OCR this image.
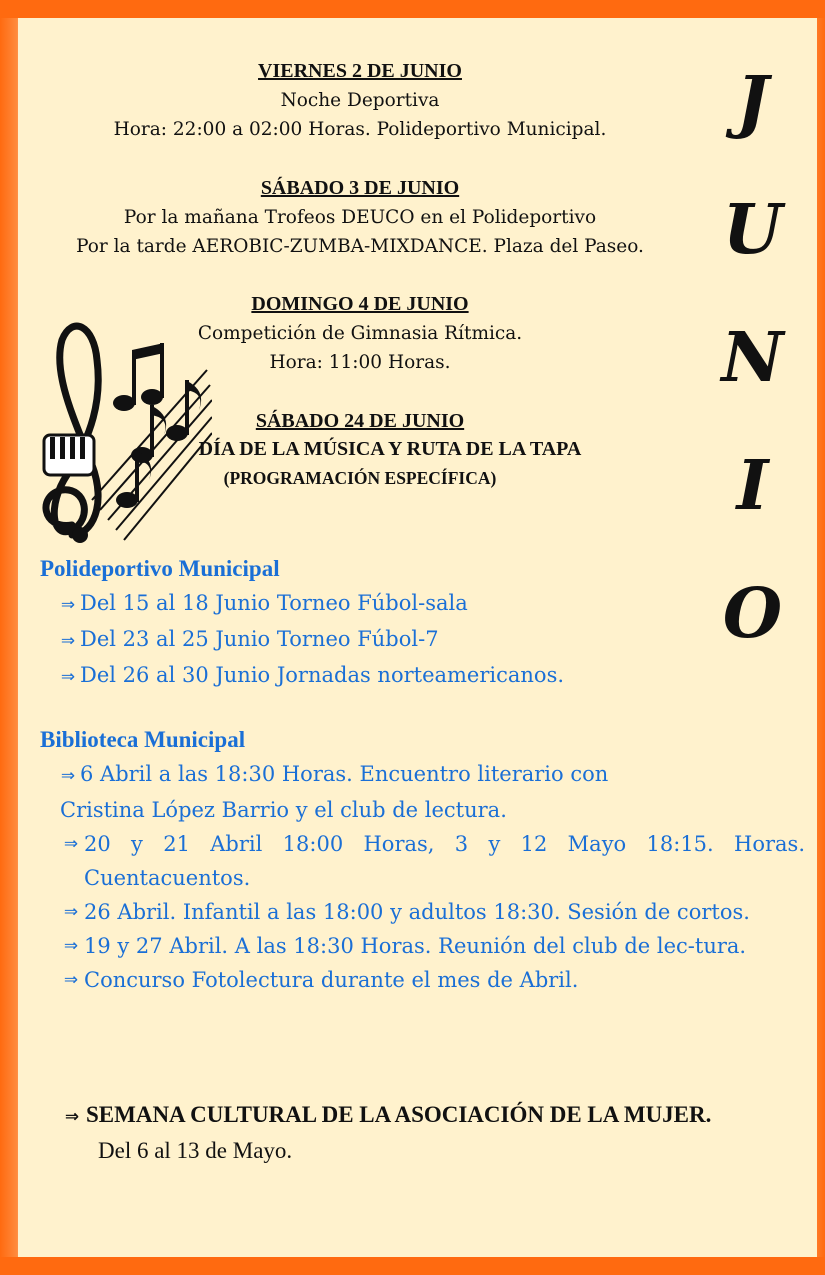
VIERNES 2 DE JUNIO
Noche Deportiva
Hora: 22:00 a 02:00 Horas. Polideportivo Municipal.
SÁBADO 3 DE JUNIO
Por la mañana Trofeos DEUCO en el Polideportivo
Por la tarde AEROBIC-ZUMBA-MIXDANCE. Plaza del Paseo.
DOMINGO 4 DE JUNIO
Competición de Gimnasia Rítmica.
Hora: 11:00 Horas.
SÁBADO 24 DE JUNIO
DÍA DE LA MÚSICA Y RUTA DE LA TAPA
(PROGRAMACIÓN ESPECÍFICA)
J
U
N
I
O
Polideportivo Municipal
⇒ Del 15 al 18 Junio Torneo Fúbol-sala
⇒ Del 23 al 25 Junio Torneo Fúbol-7
⇒ Del 26 al 30 Junio Jornadas norteamericanos.
Biblioteca Municipal
⇒ 6 Abril a las 18:30 Horas. Encuentro literario con
Cristina López Barrio y el club de lectura.
⇒ 20 y 21 Abril 18:00 Horas, 3 y 12 Mayo 18:15. Horas. Cuentacuentos.
⇒ 26 Abril. Infantil a las 18:00 y adultos 18:30. Sesión de cortos.
⇒ 19 y 27 Abril. A las 18:30 Horas. Reunión del club de lec-tura.
⇒ Concurso Fotolectura durante el mes de Abril.
⇒ SEMANA CULTURAL DE LA ASOCIACIÓN DE LA MUJER.
Del 6 al 13 de Mayo.
